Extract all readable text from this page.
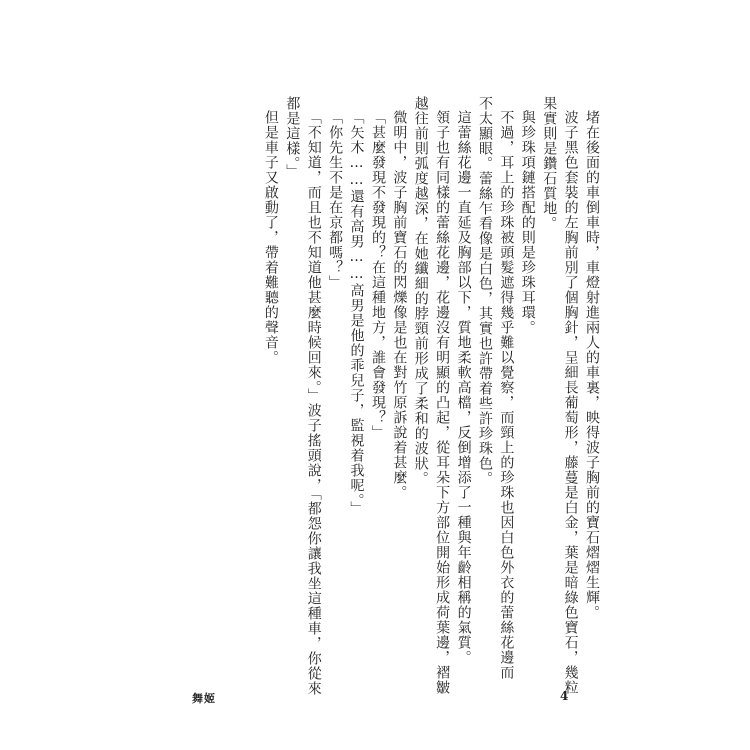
堵在後面的車倒車時，車燈射進兩人的車裏，映得波子胸前的寶石熠熠生輝。

波子黑色套裝的左胸前別了個胸針，呈細長葡萄形，藤蔓是白金，葉是暗綠色寶石，幾粒

果實則是鑽石質地。

與珍珠項鏈搭配的則是珍珠耳環。

不過，耳上的珍珠被頭髮遮得幾乎難以覺察，而頸上的珍珠也因白色外衣的蕾絲花邊而

不太顯眼。蕾絲乍看像是白色，其實也許帶着些許珍珠色。

這蕾絲花邊一直延及胸部以下，質地柔軟高檔，反倒增添了一種與年齡相稱的氣質。

領子也有同樣的蕾絲花邊，花邊沒有明顯的凸起，從耳朵下方部位開始形成荷葉邊，褶皺

越往前則弧度越深，在她纖細的脖頸前形成了柔和的波狀。

微明中，波子胸前寶石的閃爍像是也在對竹原訴說着甚麼。

「甚麼發現不發現的？在這種地方，誰會發現？」

「矢木……還有高男……高男是他的乖兒子，監視着我呢。」

「你先生不是在京都嗎？」

「不知道，而且也不知道他甚麼時候回來。」波子搖頭說，「都怨你讓我坐這種車，你從來

都是這樣。」

但是車子又啟動了，帶着難聽的聲音。

舞姬	4
